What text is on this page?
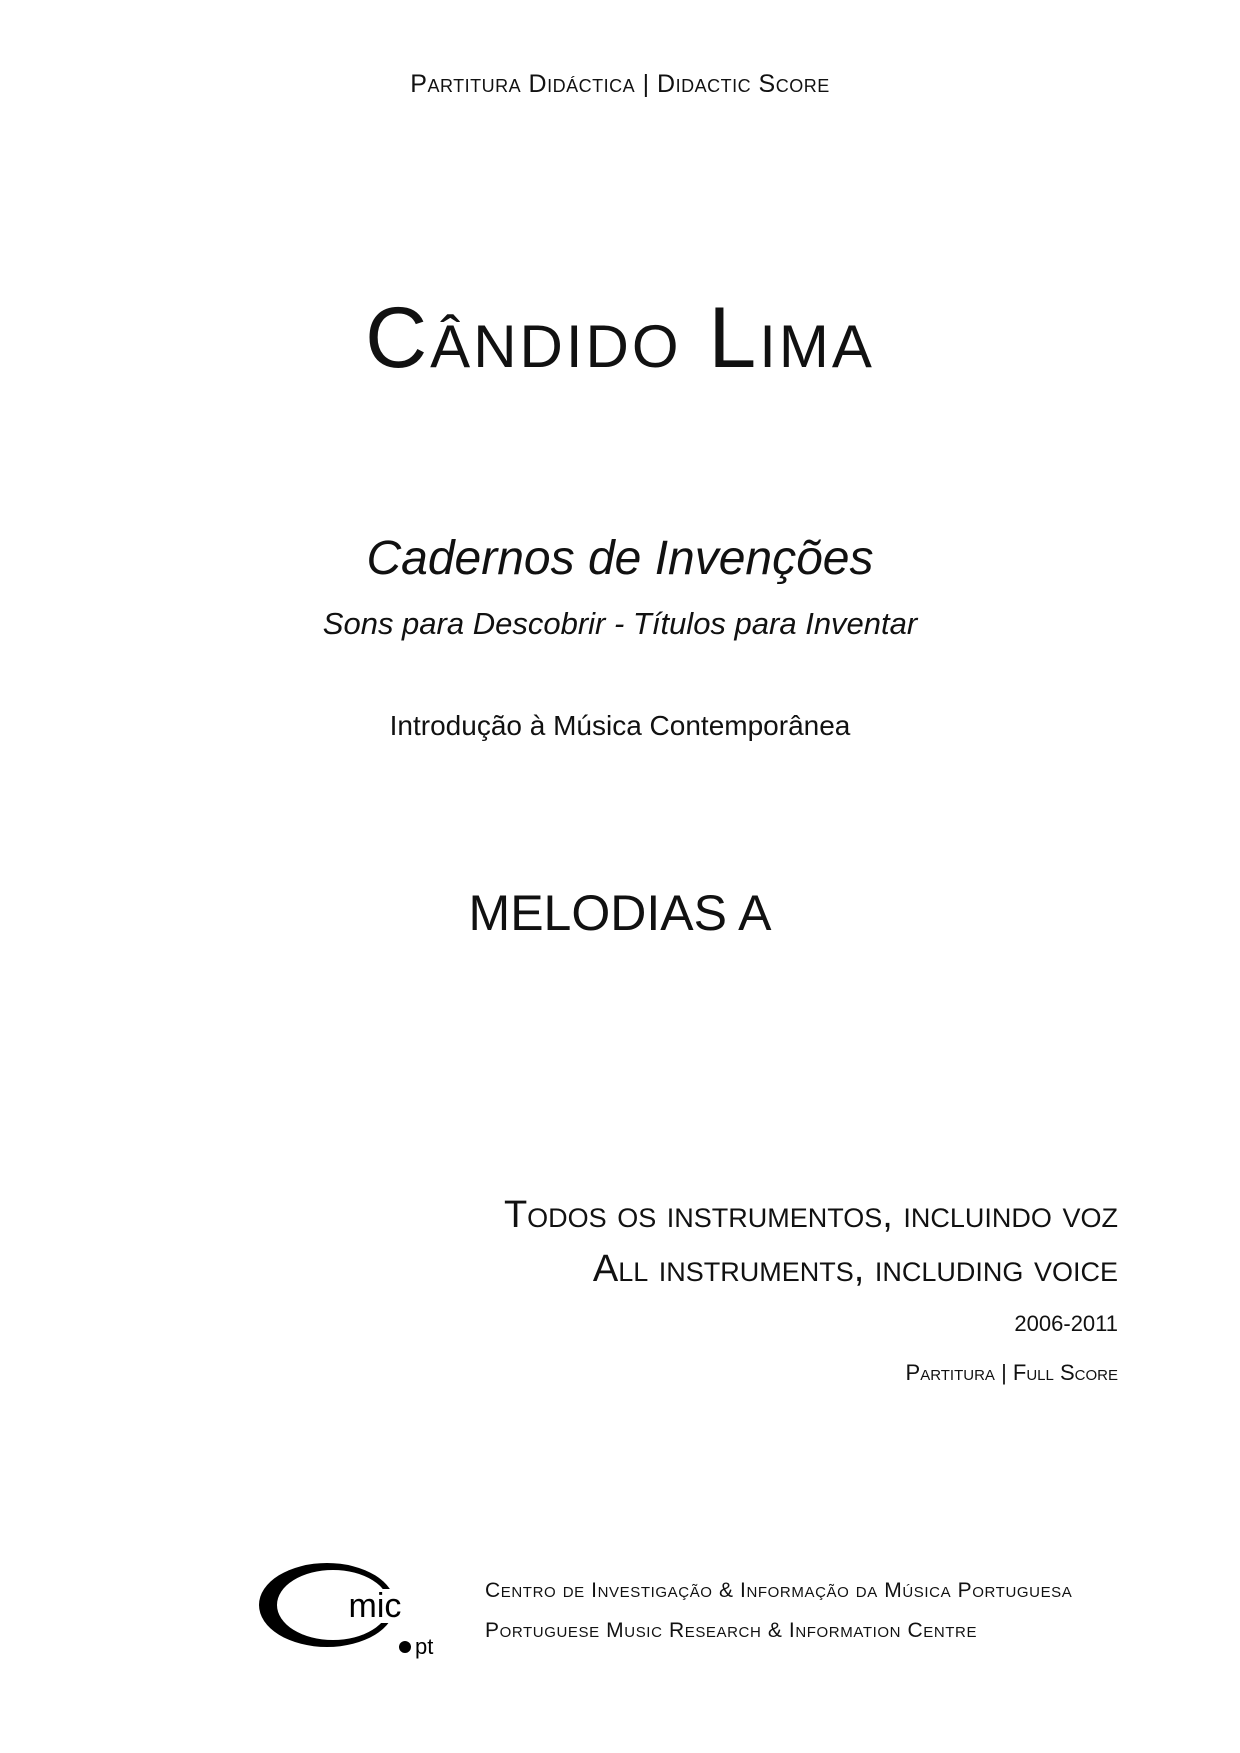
Partitura Didáctica | Didactic Score
Cândido Lima
Cadernos de Invenções
Sons para Descobrir - Títulos para Inventar
Introdução à Música Contemporânea
MELODIAS A
Todos os instrumentos, incluindo voz
All instruments, including voice
2006-2011
Partitura | Full Score
mic
pt
Centro de Investigação & Informação da Música Portuguesa
Portuguese Music Research & Information Centre
